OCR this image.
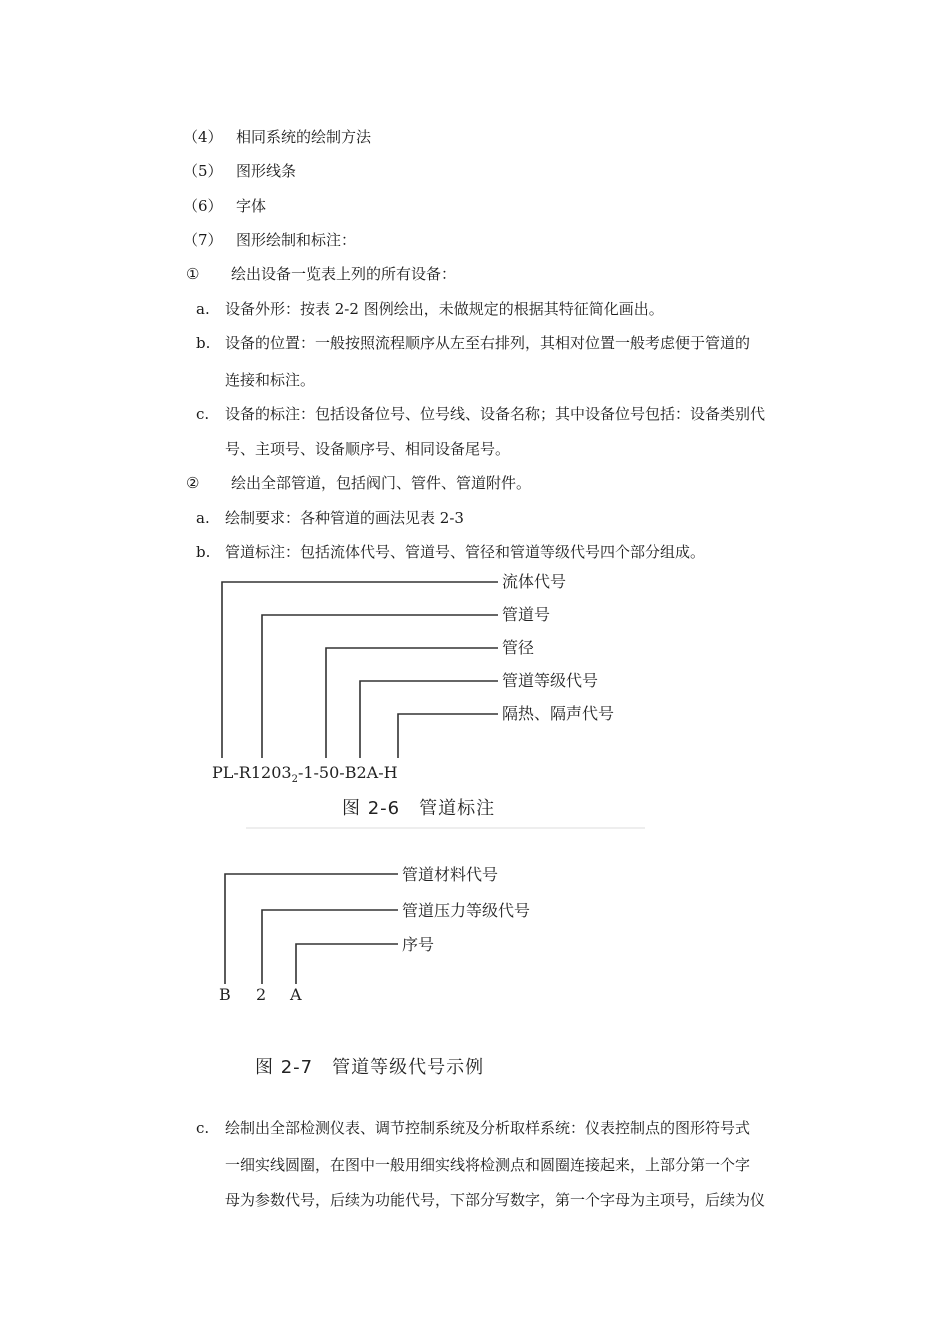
（4） 相同系统的绘制方法
（5） 图形线条
（6） 字体
（7） 图形绘制和标注：
① 绘出设备一览表上列的所有设备：
a. 设备外形：按表 2-2 图例绘出，未做规定的根据其特征简化画出。
b. 设备的位置：一般按照流程顺序从左至右排列，其相对位置一般考虑便于管道的
连接和标注。
c. 设备的标注：包括设备位号、位号线、设备名称；其中设备位号包括：设备类别代
号、主项号、设备顺序号、相同设备尾号。
② 绘出全部管道，包括阀门、管件、管道附件。
a. 绘制要求：各种管道的画法见表 2-3
b. 管道标注：包括流体代号、管道号、管径和管道等级代号四个部分组成。
流体代号
管道号
管径
管道等级代号
隔热、隔声代号
$PL-R1203_2-1-50-B2A-H$
图 2-6　管道标注
管道材料代号
管道压力等级代号
序号
B 2 A
图 2-7　管道等级代号示例
c. 绘制出全部检测仪表、调节控制系统及分析取样系统：仪表控制点的图形符号式
一细实线圆圈，在图中一般用细实线将检测点和圆圈连接起来，上部分第一个字
母为参数代号，后续为功能代号，下部分写数字，第一个字母为主项号，后续为仪
